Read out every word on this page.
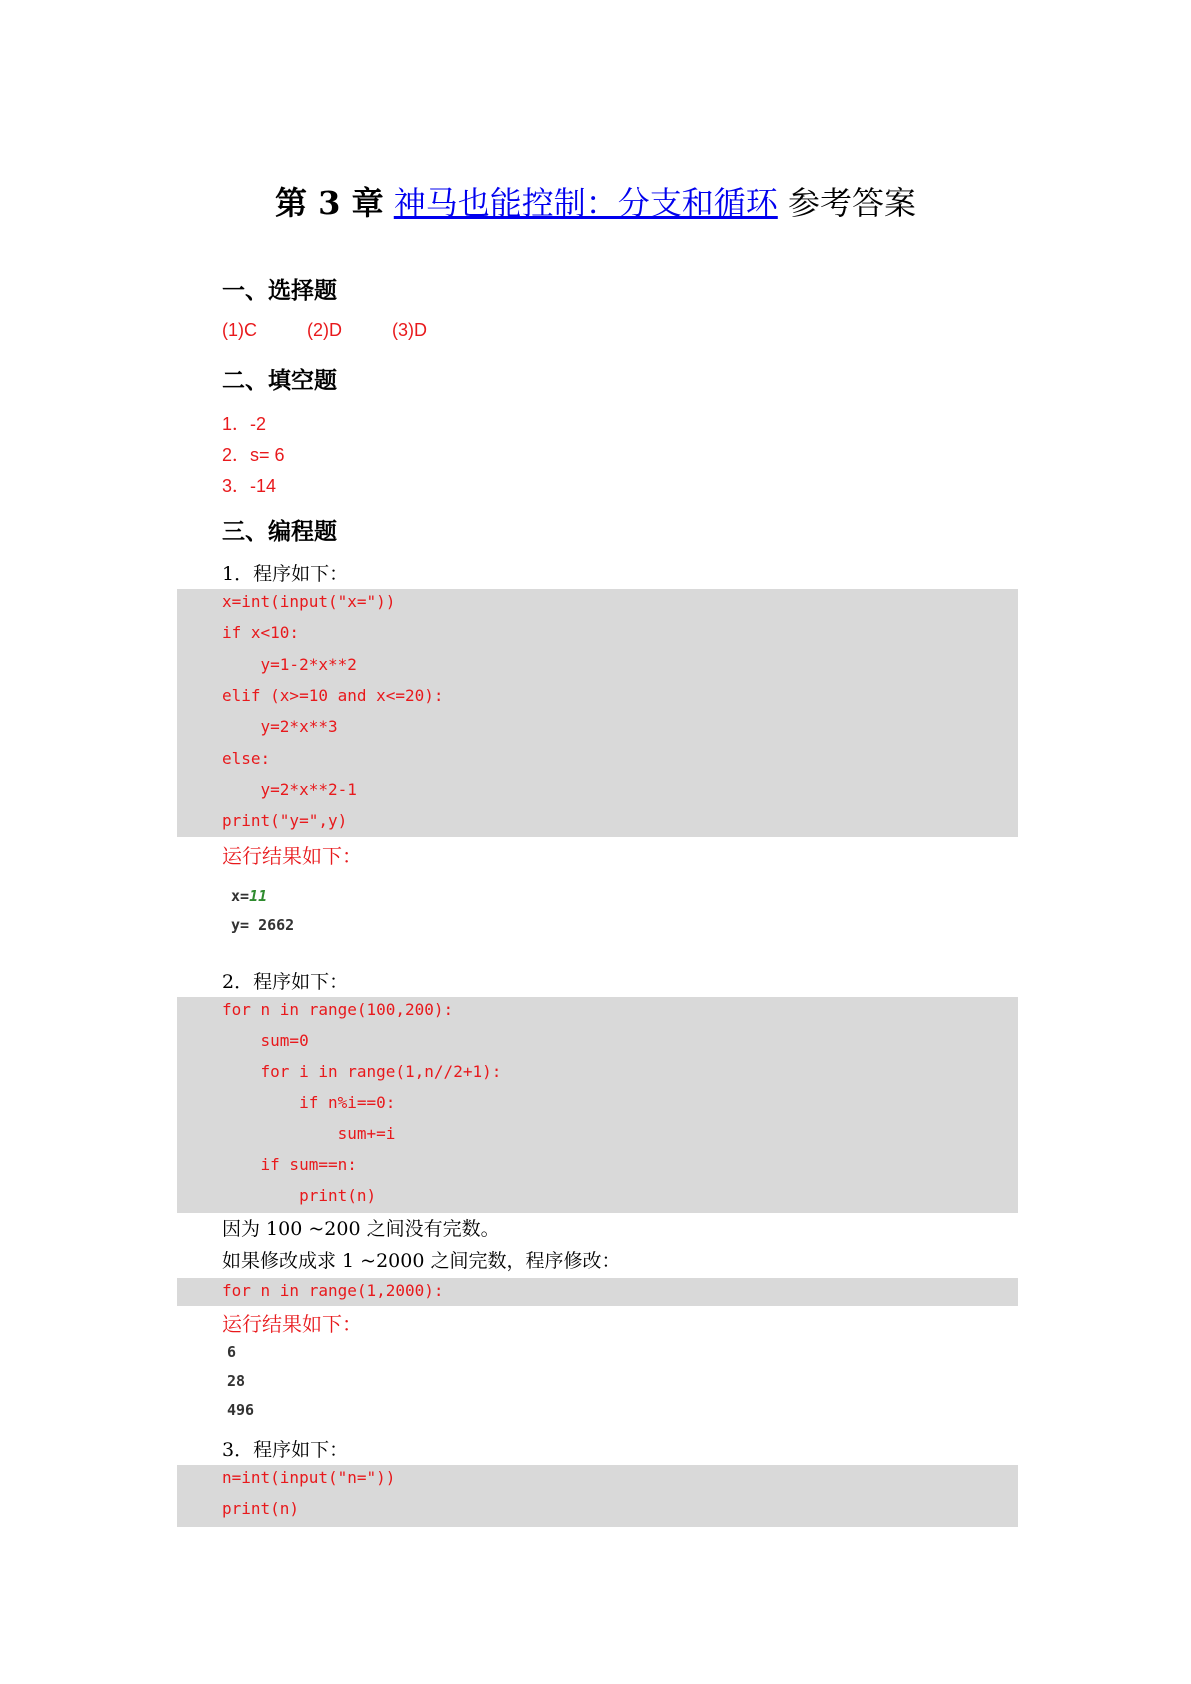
第 3 章 神马也能控制：分支和循环 参考答案
一、选择题
(1)C	(2)D	(3)D
二、填空题
1．-2
2．s= 6
3．-14
三、编程题
1．程序如下：
x=int(input("x="))
if x<10:
y=1-2*x**2
elif (x>=10 and x<=20):
y=2*x**3
else:
y=2*x**2-1
print("y=",y)
运行结果如下：
x=11
y= 2662
2．程序如下：
for n in range(100,200):
sum=0
for i in range(1,n//2+1):
if n%i==0:
sum+=i
if sum==n:
print(n)
因为 100 ~200 之间没有完数。
如果修改成求 1 ~2000 之间完数，程序修改：
for n in range(1,2000):
运行结果如下：
6
28
496
3．程序如下：
n=int(input("n="))
print(n)
